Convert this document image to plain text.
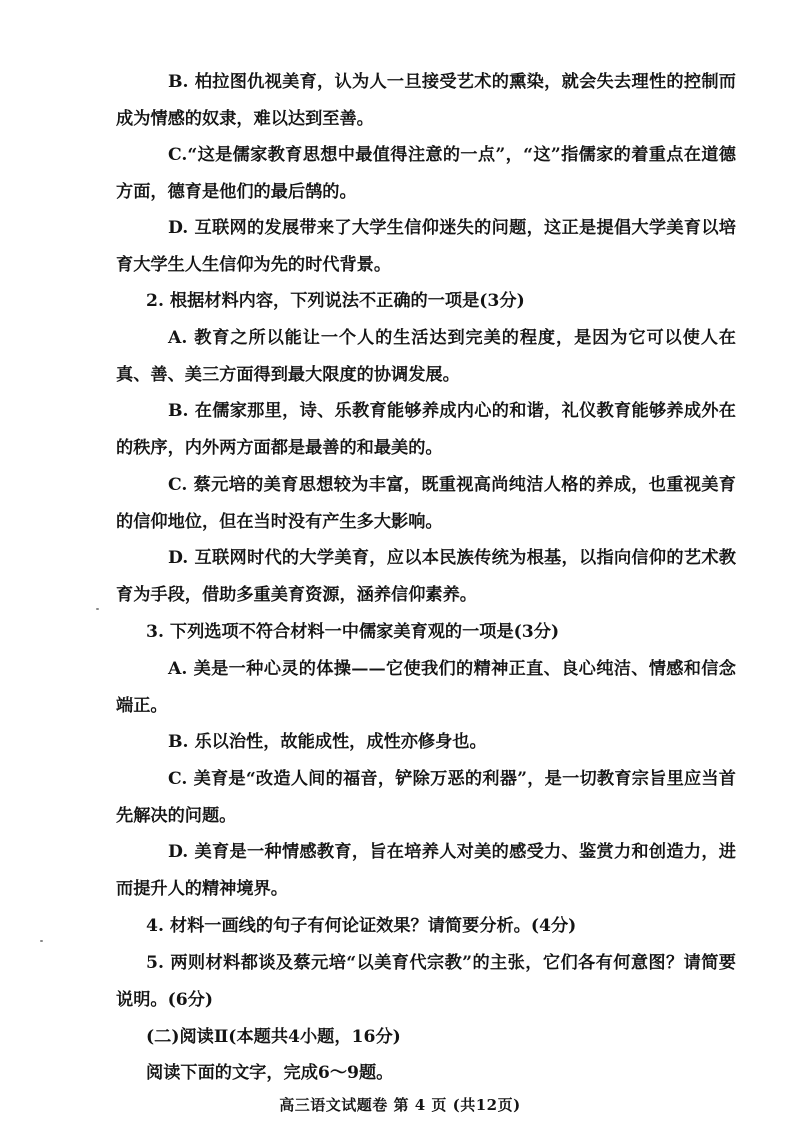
B. 柏拉图仇视美育，认为人一旦接受艺术的熏染，就会失去理性的控制而成为情感的奴隶，难以达到至善。

C.“这是儒家教育思想中最值得注意的一点”，“这”指儒家的着重点在道德方面，德育是他们的最后鹄的。

D. 互联网的发展带来了大学生信仰迷失的问题，这正是提倡大学美育以培育大学生人生信仰为先的时代背景。

2. 根据材料内容，下列说法不正确的一项是(3分)

A. 教育之所以能让一个人的生活达到完美的程度，是因为它可以使人在真、善、美三方面得到最大限度的协调发展。

B. 在儒家那里，诗、乐教育能够养成内心的和谐，礼仪教育能够养成外在的秩序，内外两方面都是最善的和最美的。

C. 蔡元培的美育思想较为丰富，既重视高尚纯洁人格的养成，也重视美育的信仰地位，但在当时没有产生多大影响。

D. 互联网时代的大学美育，应以本民族传统为根基，以指向信仰的艺术教育为手段，借助多重美育资源，涵养信仰素养。

3. 下列选项不符合材料一中儒家美育观的一项是(3分)

A. 美是一种心灵的体操——它使我们的精神正直、良心纯洁、情感和信念端正。

B. 乐以治性，故能成性，成性亦修身也。

C. 美育是“改造人间的福音，铲除万恶的利器”，是一切教育宗旨里应当首先解决的问题。

D. 美育是一种情感教育，旨在培养人对美的感受力、鉴赏力和创造力，进而提升人的精神境界。

4. 材料一画线的句子有何论证效果？请简要分析。(4分)

5. 两则材料都谈及蔡元培“以美育代宗教”的主张，它们各有何意图？请简要说明。(6分)

高三语文试题卷 第 4 页 (共12页)

(二)阅读Ⅱ(本题共4小题，16分)

阅读下面的文字，完成6～9题。
